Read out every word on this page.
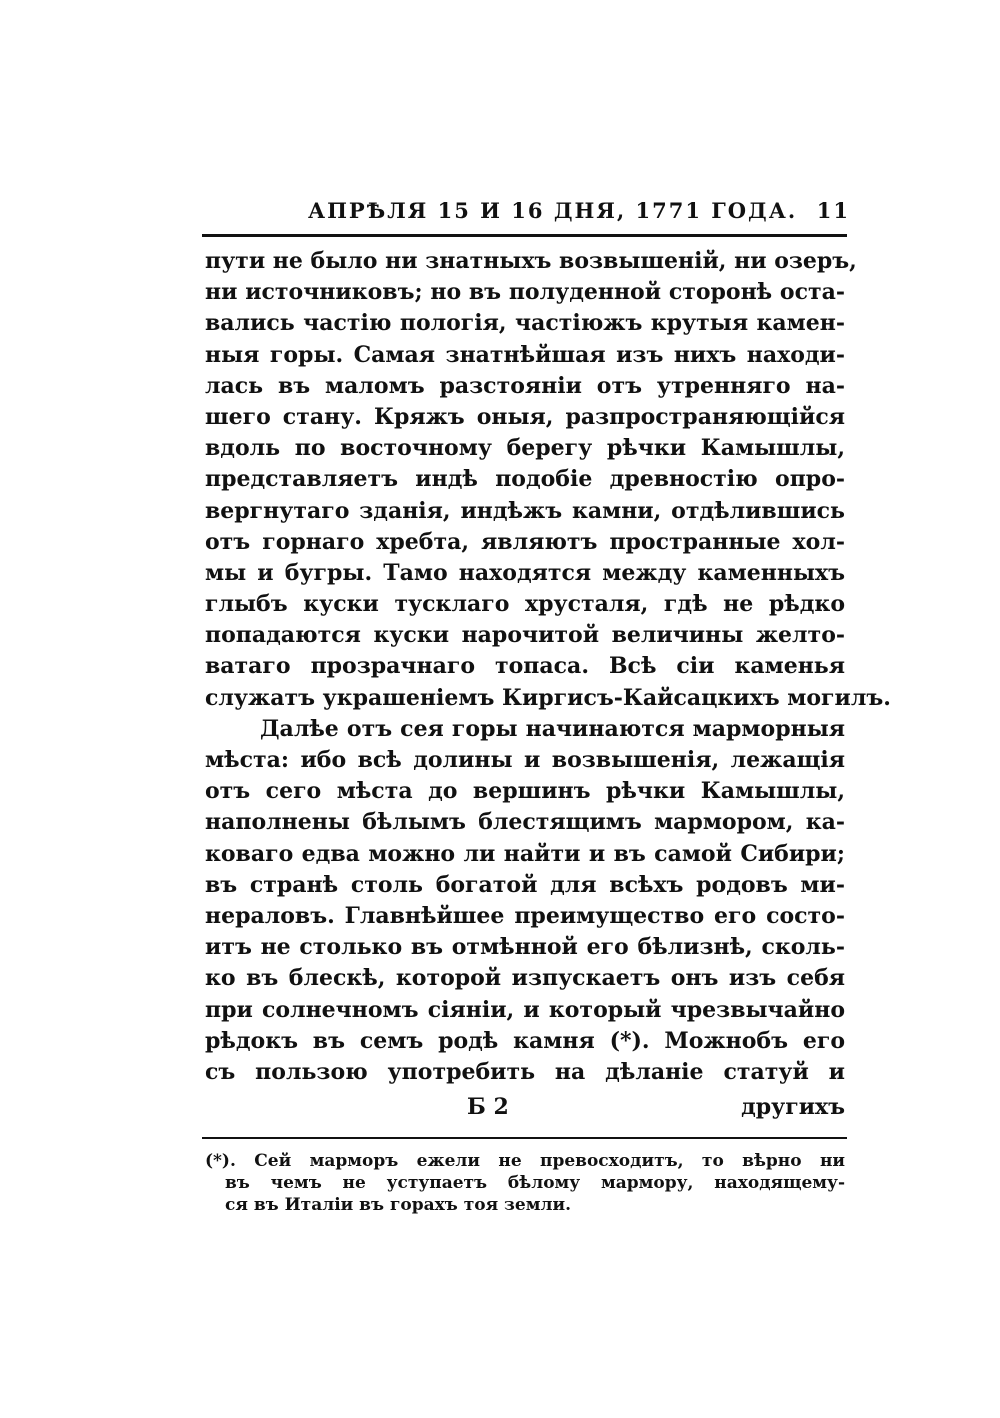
АПРѢЛЯ 15 И 16 ДНЯ, 1771 ГОДА. 11
пути не было ни знатныхъ возвышеній, ни озеръ,
ни источниковъ; но въ полуденной сторонѣ оста-
вались частію пологія, частіюжъ крутыя камен-
ныя горы. Самая знатнѣйшая изъ нихъ находи-
лась въ маломъ разстояніи отъ утренняго на-
шего стану. Кряжъ оныя, разпространяющійся
вдоль по восточному берегу рѣчки Камышлы,
представляетъ индѣ подобіе древностію опро-
вергнутаго зданія, индѣжъ камни, отдѣлившись
отъ горнаго хребта, являютъ пространные хол-
мы и бугры. Тамо находятся между каменныхъ
глыбъ куски тусклаго хрусталя, гдѣ не рѣдко
попадаются куски нарочитой величины желто-
ватаго прозрачнаго топаса. Всѣ сіи каменья
служатъ украшеніемъ Киргисъ-Кайсацкихъ могилъ.
Далѣе отъ сея горы начинаются марморныя
мѣста: ибо всѣ долины и возвышенія, лежащія
отъ сего мѣста до вершинъ рѣчки Камышлы,
наполнены бѣлымъ блестящимъ мармором, ка-
коваго едва можно ли найти и въ самой Сибири;
въ странѣ столь богатой для всѣхъ родовъ ми-
нераловъ. Главнѣйшее преимущество его состо-
итъ не столько въ отмѣнной его бѣлизнѣ, сколь-
ко въ блескѣ, которой изпускаетъ онъ изъ себя
при солнечномъ сіяніи, и который чрезвычайно
рѣдокъ въ семъ родѣ камня (*). Можнобъ его
съ пользою употребить на дѣланіе статуй и
Б 2	другихъ
(*). Сей марморъ ежели не превосходитъ, то вѣрно ни
въ чемъ не уступаетъ бѣлому мармору, находящему-
ся въ Италіи въ горахъ тоя земли.
